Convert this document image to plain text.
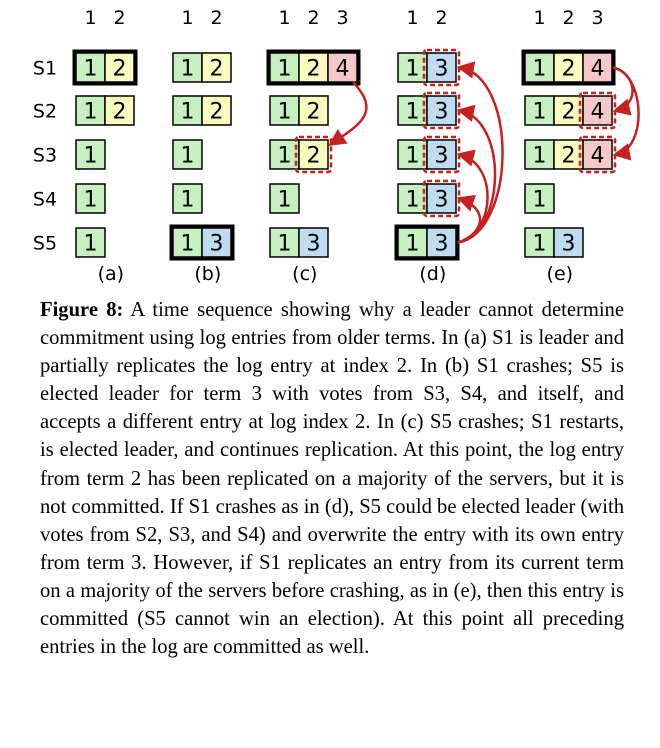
S1
S2
S3
S4
S5
1 2
1 2
1 2
1
1
1
(a)
1 2
1 2
1 2
1
1
1 3
(b)
1 2 3
1 2 4
1 2
1 2
1
1 3
(c)
1 2
1 3
1 3
1 3
1 3
1 3
(d)
1 2 3
1 2 4
1 2 4
1 2 4
1
1 3
(e)
Figure 8: A time sequence showing why a leader cannot determine commitment using log entries from older terms. In (a) S1 is leader and partially replicates the log entry at index 2. In (b) S1 crashes; S5 is elected leader for term 3 with votes from S3, S4, and itself, and accepts a different entry at log index 2. In (c) S5 crashes; S1 restarts, is elected leader, and continues replication. At this point, the log entry from term 2 has been replicated on a majority of the servers, but it is not committed. If S1 crashes as in (d), S5 could be elected leader (with votes from S2, S3, and S4) and overwrite the entry with its own entry from term 3. However, if S1 replicates an entry from its current term on a majority of the servers before crashing, as in (e), then this entry is committed (S5 cannot win an election). At this point all preceding entries in the log are committed as well.
